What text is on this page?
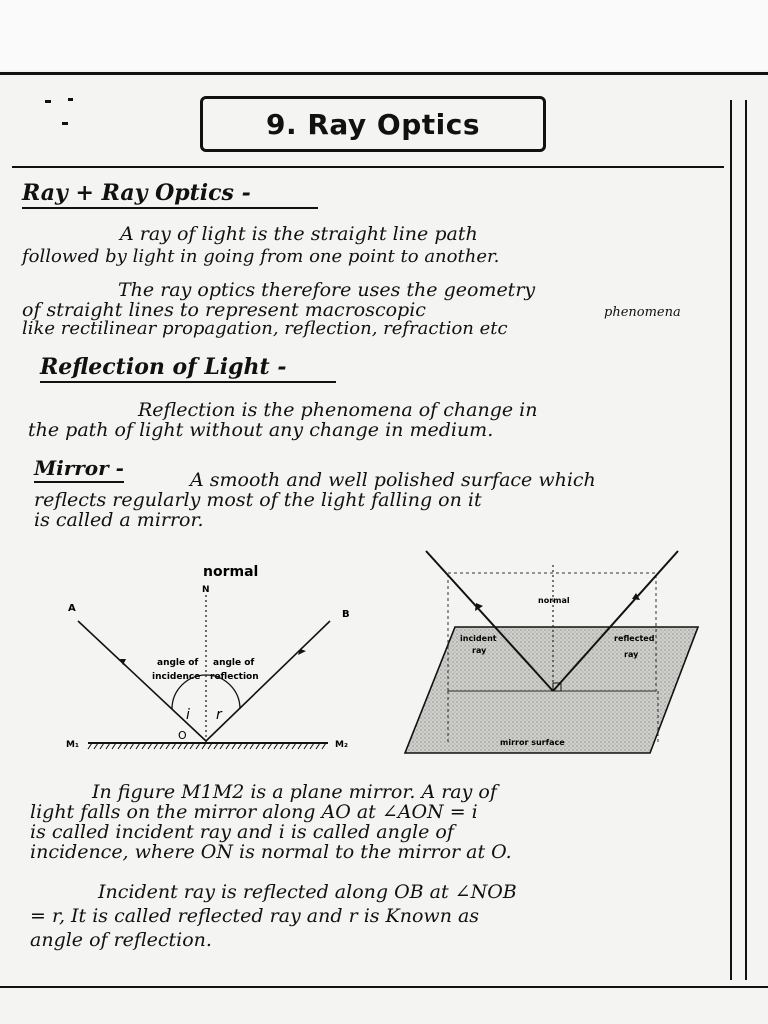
9. Ray Optics
Ray + Ray Optics -
A ray of light is the straight line path
followed by light in going from one point to another.
The ray optics therefore uses the geometry
of straight lines to represent macroscopic	phenomena
like rectilinear propagation, reflection, refraction etc
Reflection of Light -
Reflection is the phenomena of change in
the path of light without any change in medium.
Mirror -	A smooth and well polished surface which
reflects regularly most of the light falling on it
is called a mirror.
normal
N
A
B
angle of
incidence
angle of
reflection
i r
O
M₁	M₂
normal
incident
ray
reflected
ray
mirror surface
In figure M1M2 is a plane mirror. A ray of
light falls on the mirror along AO at ∠AON = i
is called incident ray and i is called angle of
incidence, where ON is normal to the mirror at O.
Incident ray is reflected along OB at ∠NOB
= r, It is called reflected ray and r is Known as
angle of reflection.
